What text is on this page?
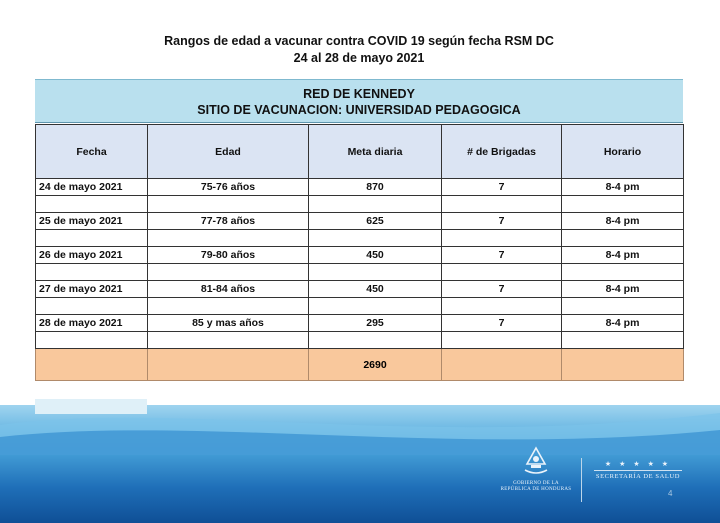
Rangos de edad a vacunar contra COVID 19 según fecha RSM DC
24 al 28 de mayo 2021
RED DE KENNEDY
SITIO DE VACUNACION: UNIVERSIDAD PEDAGOGICA
Fecha	Edad	Meta diaria	# de Brigadas	Horario
24 de mayo 2021	75-76 años	870	7	8-4 pm

25 de mayo 2021	77-78 años	625	7	8-4 pm

26 de mayo 2021	79-80 años	450	7	8-4 pm

27 de mayo 2021	81-84 años	450	7	8-4 pm

28 de mayo 2021	85 y mas años	295	7	8-4 pm

		2690		
GOBIERNO DE LA
REPÚBLICA DE HONDURAS
★ ★ ★ ★ ★
SECRETARÍA DE SALUD
4
